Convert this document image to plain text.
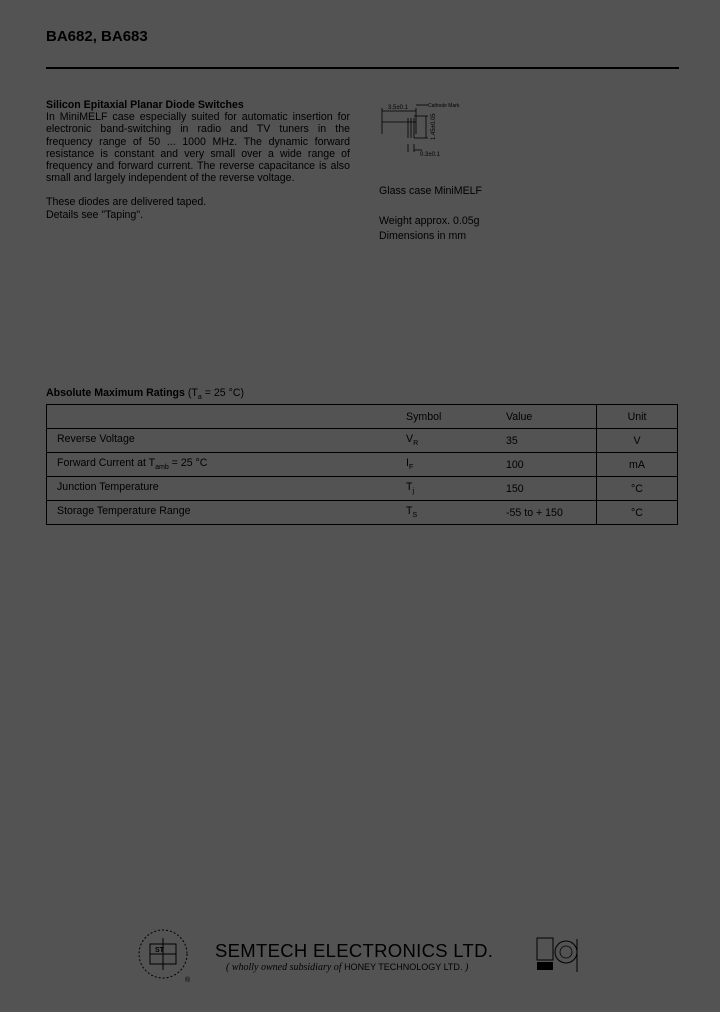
BA682, BA683
Silicon Epitaxial Planar Diode Switches

In MiniMELF case especially suited for automatic insertion for electronic band-switching in radio and TV tuners in the frequency range of 50 ... 1000 MHz. The dynamic forward resistance is constant and very small over a wide range of frequency and forward current. The reverse capacitance is also small and largely independent of the reverse voltage.

These diodes are delivered taped.
Details see "Taping".
3.5±0.1	Cathode Mark
1.45±0.05
0.3±0.1
Glass case MiniMELF
Weight approx. 0.05g
Dimensions in mm
Absolute Maximum Ratings ($T_a = 25$ °C)
	Symbol	Value	Unit
Reverse Voltage	$V_R$	35	V
Forward Current at $T_{amb} = 25$ °C	$I_F$	100	mA
Junction Temperature	$T_j$	150	°C
Storage Temperature Range	$T_S$	-55 to + 150	°C
ST
®
SEMTECH ELECTRONICS LTD.
( wholly owned subsidiary of HONEY TECHNOLOGY LTD. )
